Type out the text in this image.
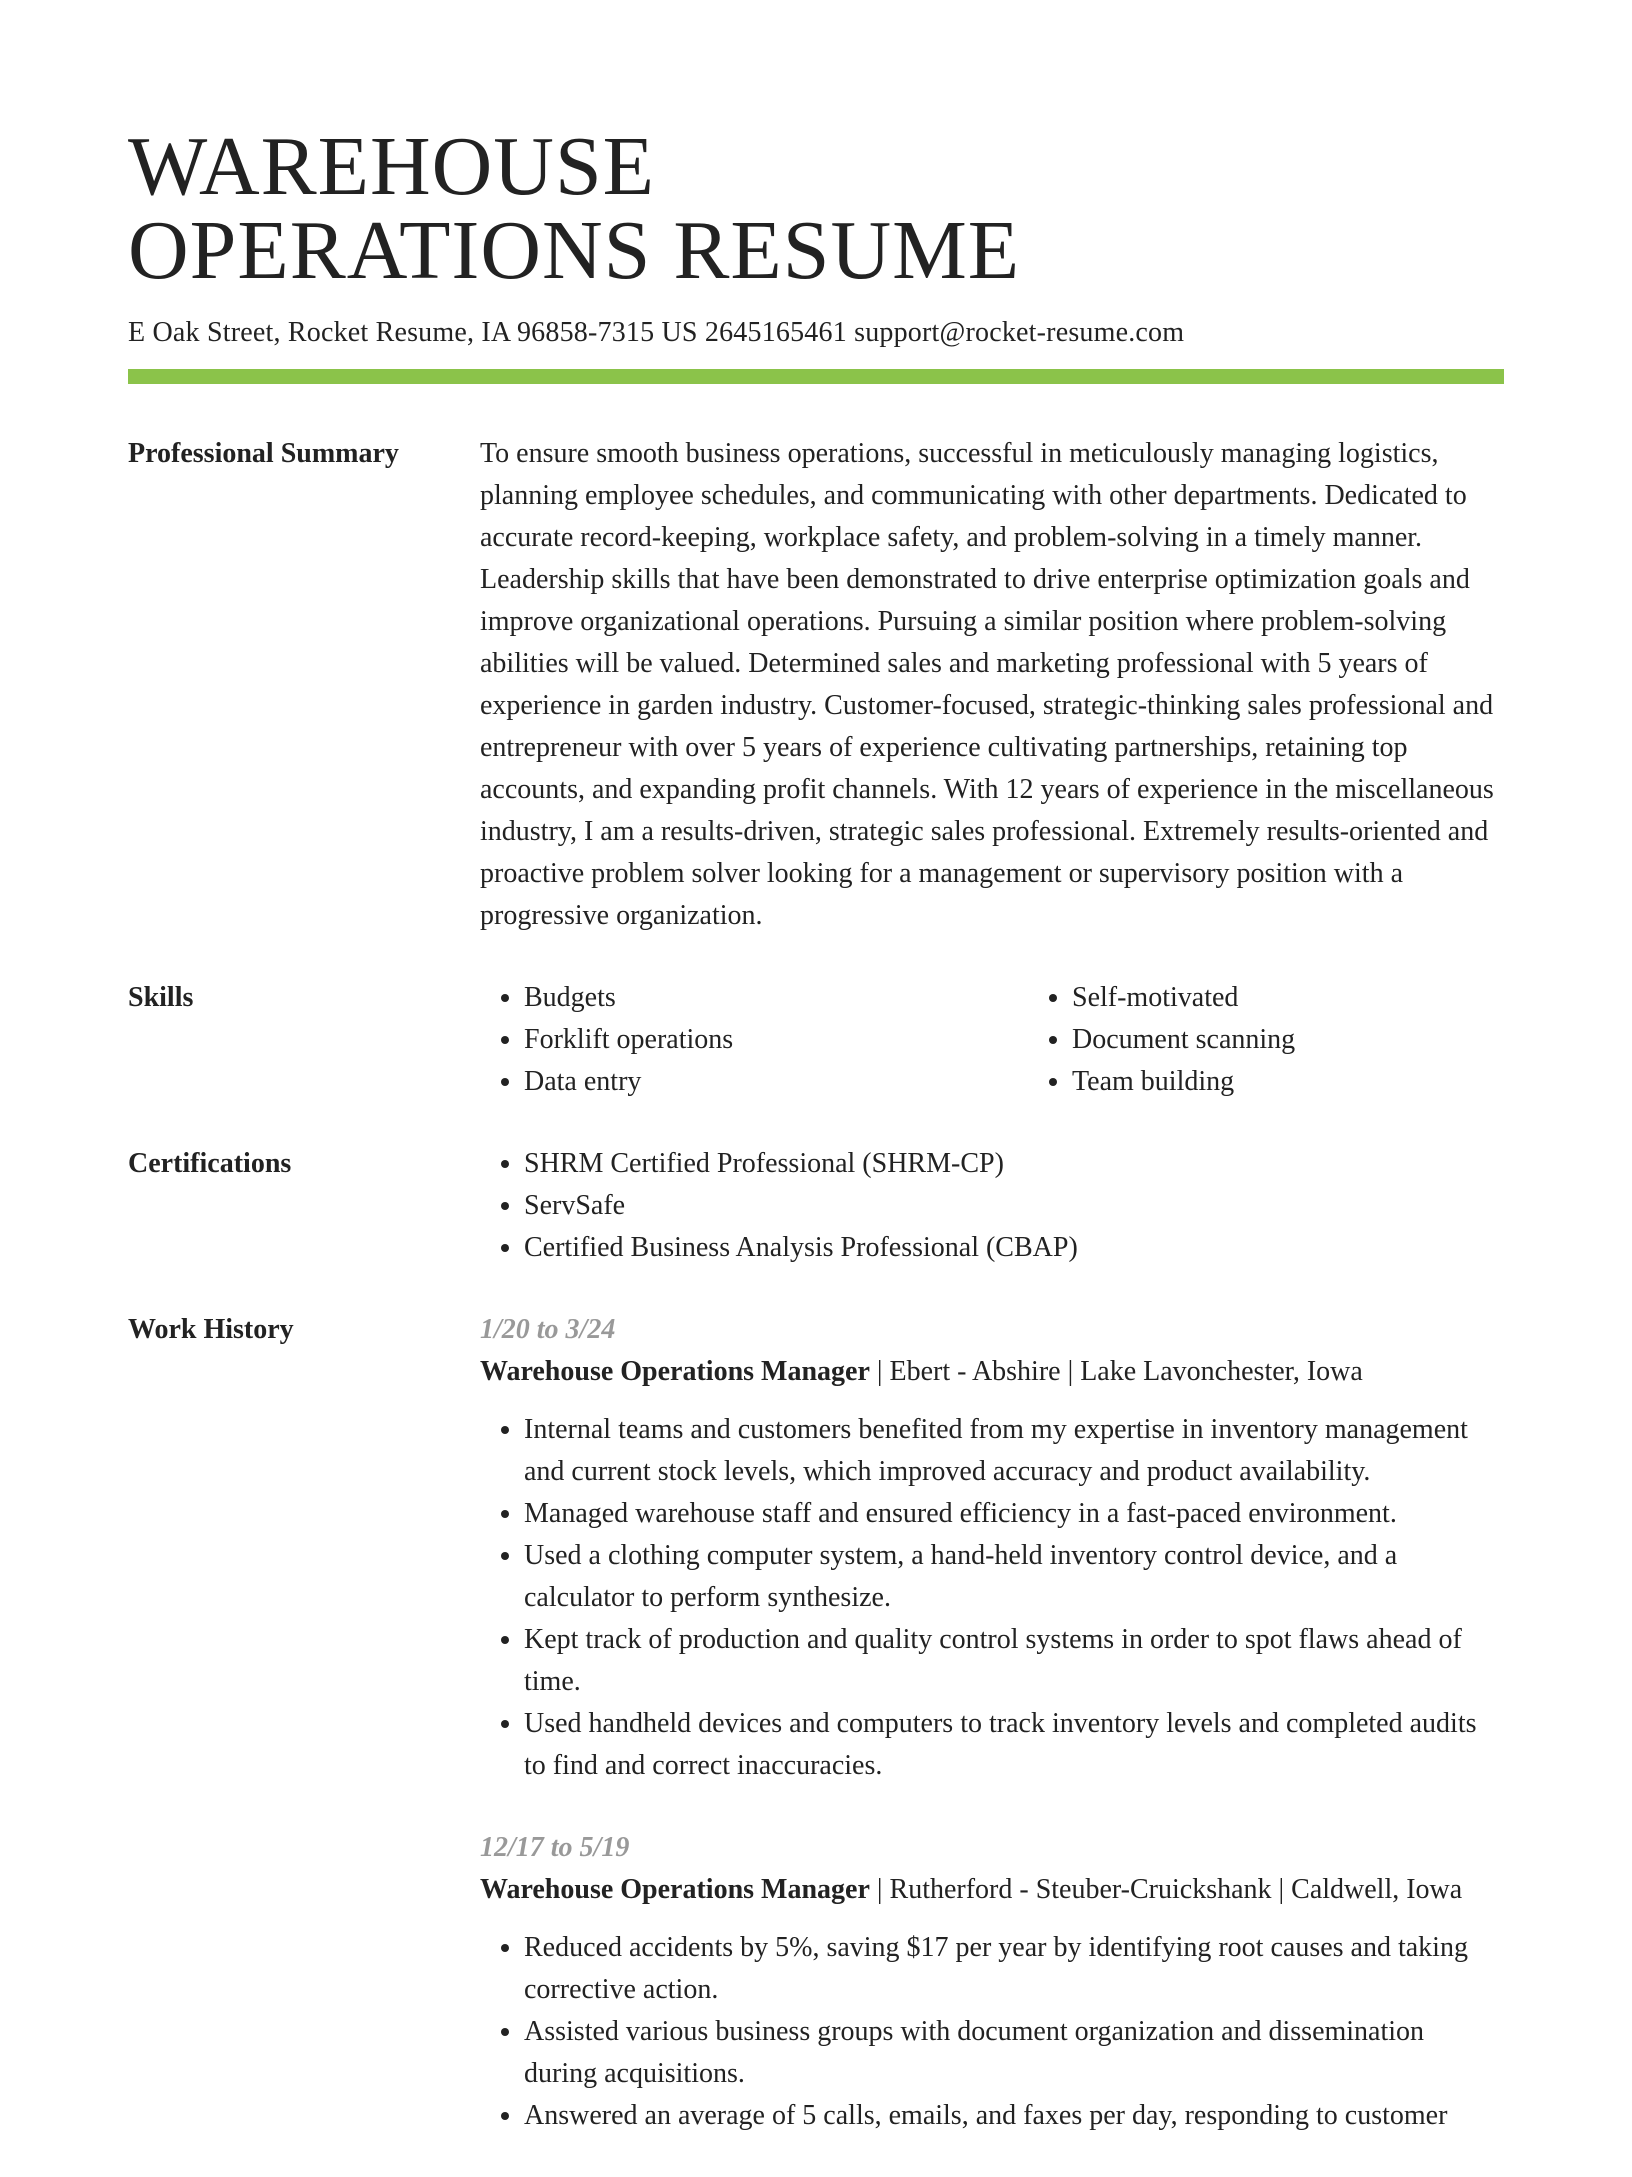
WAREHOUSE
OPERATIONS RESUME
E Oak Street, Rocket Resume, IA 96858-7315 US 2645165461 support@rocket-resume.com
Professional Summary	To ensure smooth business operations, successful in meticulously managing logistics, planning employee schedules, and communicating with other departments. Dedicated to accurate record-keeping, workplace safety, and problem-solving in a timely manner. Leadership skills that have been demonstrated to drive enterprise optimization goals and improve organizational operations. Pursuing a similar position where problem-solving abilities will be valued. Determined sales and marketing professional with 5 years of experience in garden industry. Customer-focused, strategic-thinking sales professional and entrepreneur with over 5 years of experience cultivating partnerships, retaining top accounts, and expanding profit channels. With 12 years of experience in the miscellaneous industry, I am a results-driven, strategic sales professional. Extremely results-oriented and proactive problem solver looking for a management or supervisory position with a progressive organization.

Skills	• Budgets
• Forklift operations
• Data entry
• Self-motivated
• Document scanning
• Team building
Certifications	• SHRM Certified Professional (SHRM-CP)
• ServSafe
• Certified Business Analysis Professional (CBAP)
Work History	1/20 to 3/24
Warehouse Operations Manager | Ebert - Abshire | Lake Lavonchester, Iowa
• Internal teams and customers benefited from my expertise in inventory management and current stock levels, which improved accuracy and product availability.
• Managed warehouse staff and ensured efficiency in a fast-paced environment.
• Used a clothing computer system, a hand-held inventory control device, and a calculator to perform synthesize.
• Kept track of production and quality control systems in order to spot flaws ahead of time.
• Used handheld devices and computers to track inventory levels and completed audits to find and correct inaccuracies.
12/17 to 5/19
Warehouse Operations Manager | Rutherford - Steuber-Cruickshank | Caldwell, Iowa
• Reduced accidents by 5%, saving $17 per year by identifying root causes and taking corrective action.
• Assisted various business groups with document organization and dissemination during acquisitions.
• Answered an average of 5 calls, emails, and faxes per day, responding to customer
